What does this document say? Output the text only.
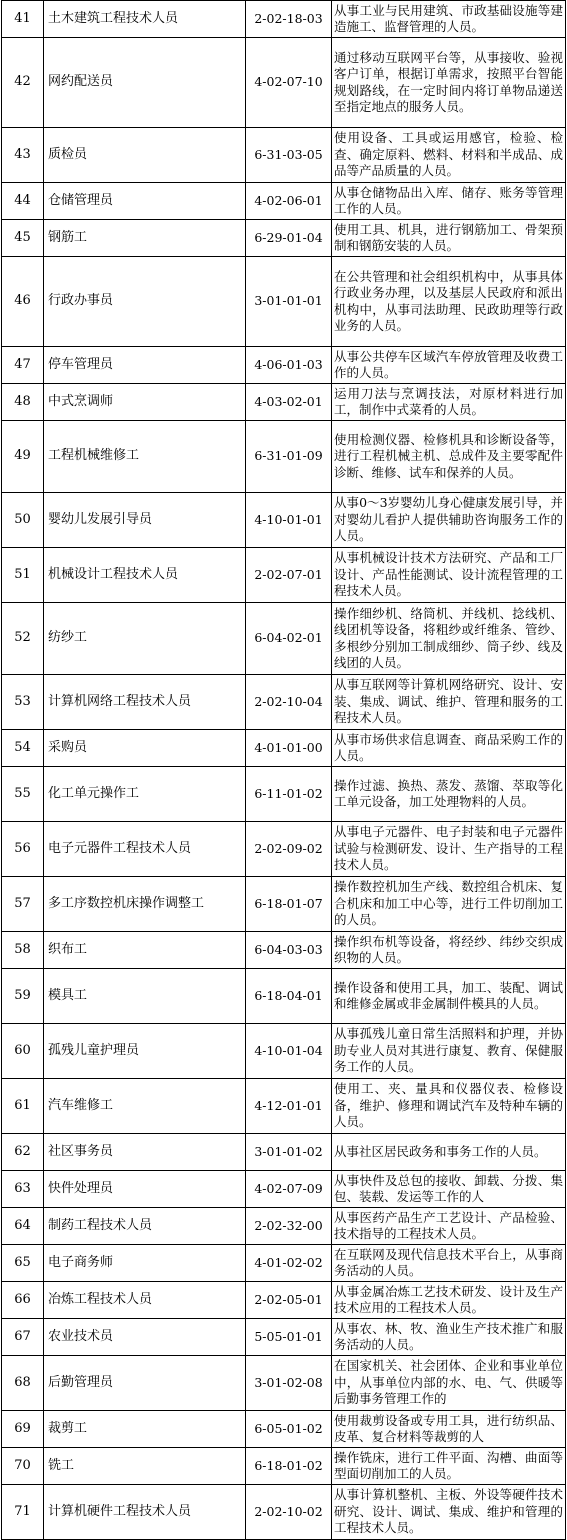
41	土木建筑工程技术人员	2-02-18-03	从事工业与民用建筑、市政基础设施等建造施工、监督管理的人员。
42	网约配送员	4-02-07-10	通过移动互联网平台等，从事接收、验视客户订单，根据订单需求，按照平台智能规划路线，在一定时间内将订单物品递送至指定地点的服务人员。
43	质检员	6-31-03-05	使用设备、工具或运用感官，检验、检查、确定原料、燃料、材料和半成品、成品等产品质量的人员。
44	仓储管理员	4-02-06-01	从事仓储物品出入库、储存、账务等管理工作的人员。
45	钢筋工	6-29-01-04	使用工具、机具，进行钢筋加工、骨架预制和钢筋安装的人员。
46	行政办事员	3-01-01-01	在公共管理和社会组织机构中，从事具体行政业务办理，以及基层人民政府和派出机构中，从事司法助理、民政助理等行政业务的人员。
47	停车管理员	4-06-01-03	从事公共停车区域汽车停放管理及收费工作的人员。
48	中式烹调师	4-03-02-01	运用刀法与烹调技法，对原材料进行加工，制作中式菜肴的人员。
49	工程机械维修工	6-31-01-09	使用检测仪器、检修机具和诊断设备等，进行工程机械主机、总成件及主要零配件诊断、维修、试车和保养的人员。
50	婴幼儿发展引导员	4-10-01-01	从事0～3岁婴幼儿身心健康发展引导，并对婴幼儿看护人提供辅助咨询服务工作的人员。
51	机械设计工程技术人员	2-02-07-01	从事机械设计技术方法研究、产品和工厂设计、产品性能测试、设计流程管理的工程技术人员。
52	纺纱工	6-04-02-01	操作细纱机、络筒机、并线机、捻线机、线团机等设备，将粗纱或纤维条、管纱、多根纱分别加工制成细纱、筒子纱、线及线团的人员。
53	计算机网络工程技术人员	2-02-10-04	从事互联网等计算机网络研究、设计、安装、集成、调试、维护、管理和服务的工程技术人员。
54	采购员	4-01-01-00	从事市场供求信息调查、商品采购工作的人员。
55	化工单元操作工	6-11-01-02	操作过滤、换热、蒸发、蒸馏、萃取等化工单元设备，加工处理物料的人员。
56	电子元器件工程技术人员	2-02-09-02	从事电子元器件、电子封装和电子元器件试验与检测研发、设计、生产指导的工程技术人员。
57	多工序数控机床操作调整工	6-18-01-07	操作数控机加生产线、数控组合机床、复合机床和加工中心等，进行工件切削加工的人员。
58	织布工	6-04-03-03	操作织布机等设备，将经纱、纬纱交织成织物的人员。
59	模具工	6-18-04-01	操作设备和使用工具，加工、装配、调试和维修金属或非金属制件模具的人员。
60	孤残儿童护理员	4-10-01-04	从事孤残儿童日常生活照料和护理，并协助专业人员对其进行康复、教育、保健服务工作的人员。
61	汽车维修工	4-12-01-01	使用工、夹、量具和仪器仪表、检修设备，维护、修理和调试汽车及特种车辆的人员。
62	社区事务员	3-01-01-02	从事社区居民政务和事务工作的人员。
63	快件处理员	4-02-07-09	从事快件及总包的接收、卸载、分拨、集包、装载、发运等工作的人
64	制药工程技术人员	2-02-32-00	从事医药产品生产工艺设计、产品检验、技术指导的工程技术人员。
65	电子商务师	4-01-02-02	在互联网及现代信息技术平台上，从事商务活动的人员。
66	冶炼工程技术人员	2-02-05-01	从事金属冶炼工艺技术研发、设计及生产技术应用的工程技术人员。
67	农业技术员	5-05-01-01	从事农、林、牧、渔业生产技术推广和服务活动的人员。
68	后勤管理员	3-01-02-08	在国家机关、社会团体、企业和事业单位中，从事单位内部的水、电、气、供暖等后勤事务管理工作的
69	裁剪工	6-05-01-02	使用裁剪设备或专用工具，进行纺织品、皮革、复合材料等裁剪的人
70	铣工	6-18-01-02	操作铣床，进行工件平面、沟槽、曲面等型面切削加工的人员。
71	计算机硬件工程技术人员	2-02-10-02	从事计算机整机、主板、外设等硬件技术研究、设计、调试、集成、维护和管理的工程技术人员。
